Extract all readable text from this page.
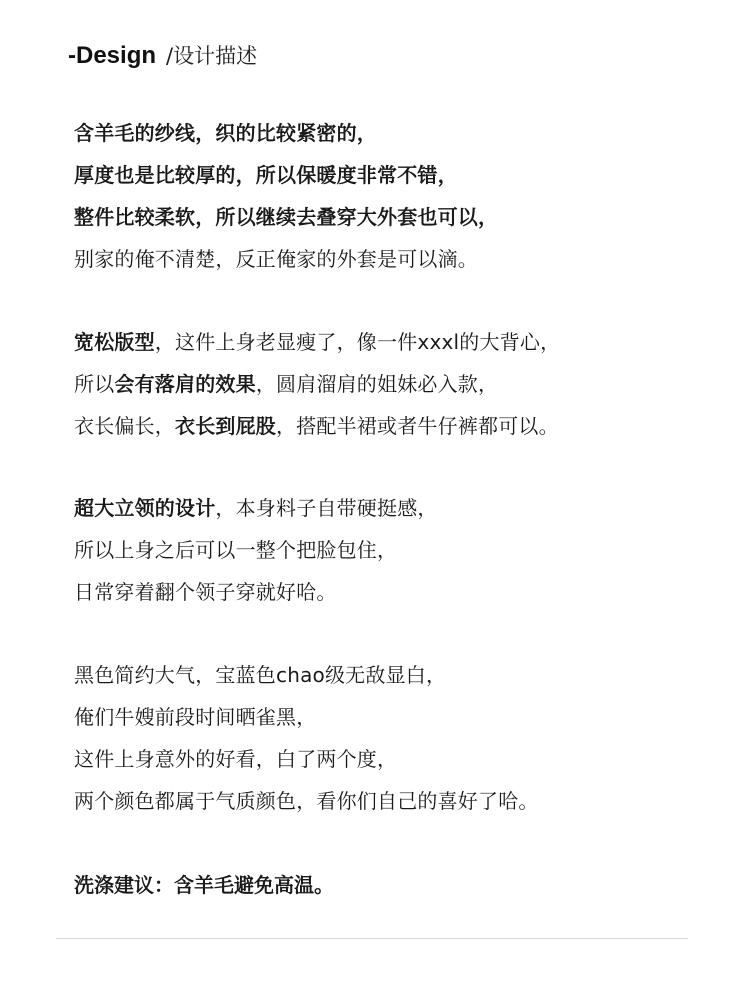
-Design /设计描述
含羊毛的纱线，织的比较紧密的，
厚度也是比较厚的，所以保暖度非常不错，
整件比较柔软，所以继续去叠穿大外套也可以，
别家的俺不清楚，反正俺家的外套是可以滴。
宽松版型，这件上身老显瘦了，像一件xxxl的大背心，
所以会有落肩的效果，圆肩溜肩的姐妹必入款，
衣长偏长，衣长到屁股，搭配半裙或者牛仔裤都可以。
超大立领的设计，本身料子自带硬挺感，
所以上身之后可以一整个把脸包住，
日常穿着翻个领子穿就好哈。
黑色简约大气，宝蓝色chao级无敌显白，
俺们牛嫂前段时间晒雀黑，
这件上身意外的好看，白了两个度，
两个颜色都属于气质颜色，看你们自己的喜好了哈。
洗涤建议：含羊毛避免高温。
